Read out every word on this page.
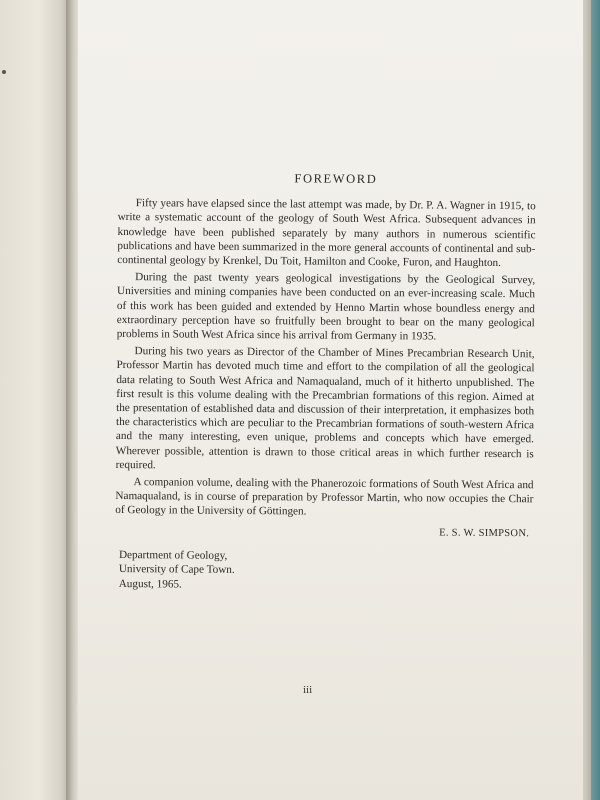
FOREWORD

Fifty years have elapsed since the last attempt was made, by Dr. P. A. Wagner in 1915, to write a systematic account of the geology of South West Africa. Subsequent advances in knowledge have been published separately by many authors in numerous scientific publications and have been summarized in the more general accounts of continental and sub-continental geology by Krenkel, Du Toit, Hamilton and Cooke, Furon, and Haughton.

During the past twenty years geological investigations by the Geological Survey, Universities and mining companies have been conducted on an ever-increasing scale. Much of this work has been guided and extended by Henno Martin whose boundless energy and extraordinary perception have so fruitfully been brought to bear on the many geological problems in South West Africa since his arrival from Germany in 1935.

During his two years as Director of the Chamber of Mines Precambrian Research Unit, Professor Martin has devoted much time and effort to the compilation of all the geological data relating to South West Africa and Namaqualand, much of it hitherto unpublished. The first result is this volume dealing with the Precambrian formations of this region. Aimed at the presentation of established data and discussion of their interpretation, it emphasizes both the characteristics which are peculiar to the Precambrian formations of south-western Africa and the many interesting, even unique, problems and concepts which have emerged. Wherever possible, attention is drawn to those critical areas in which further research is required.

A companion volume, dealing with the Phanerozoic formations of South West Africa and Namaqualand, is in course of preparation by Professor Martin, who now occupies the Chair of Geology in the University of Göttingen.

E. S. W. SIMPSON.
Department of Geology,
University of Cape Town.
August, 1965.
iii
